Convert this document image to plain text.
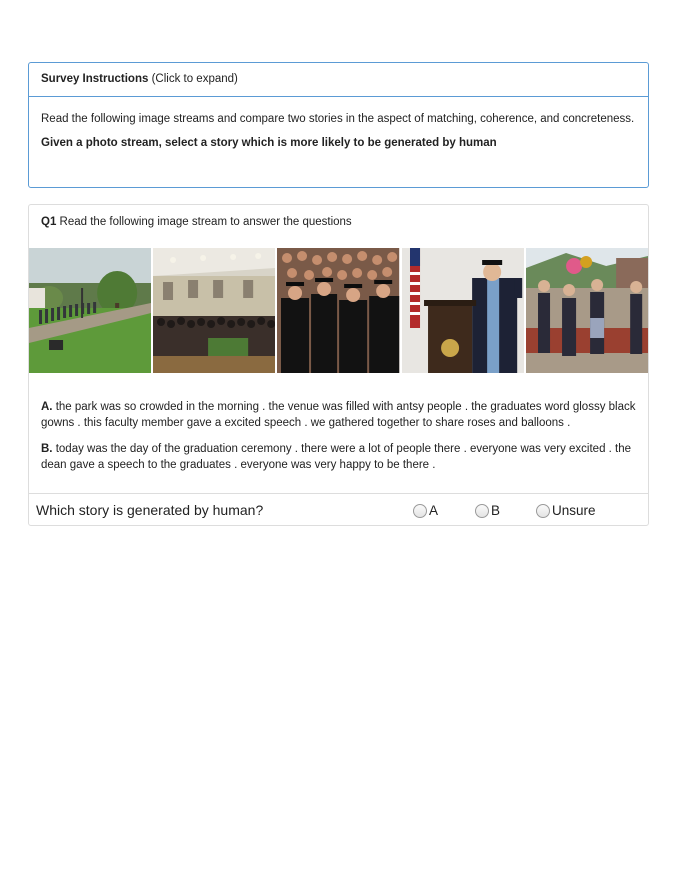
Survey Instructions (Click to expand)

Read the following image streams and compare two stories in the aspect of matching, coherence, and concreteness.

Given a photo stream, select a story which is more likely to be generated by human

Q1 Read the following image stream to answer the questions

A. the park was so crowded in the morning . the venue was filled with antsy people . the graduates word glossy black gowns . this faculty member gave a excited speech . we gathered together to share roses and balloons .

B. today was the day of the graduation ceremony . there were a lot of people there . everyone was very excited . the dean gave a speech to the graduates . everyone was very happy to be there .

Which story is generated by human?	A	B	Unsure
